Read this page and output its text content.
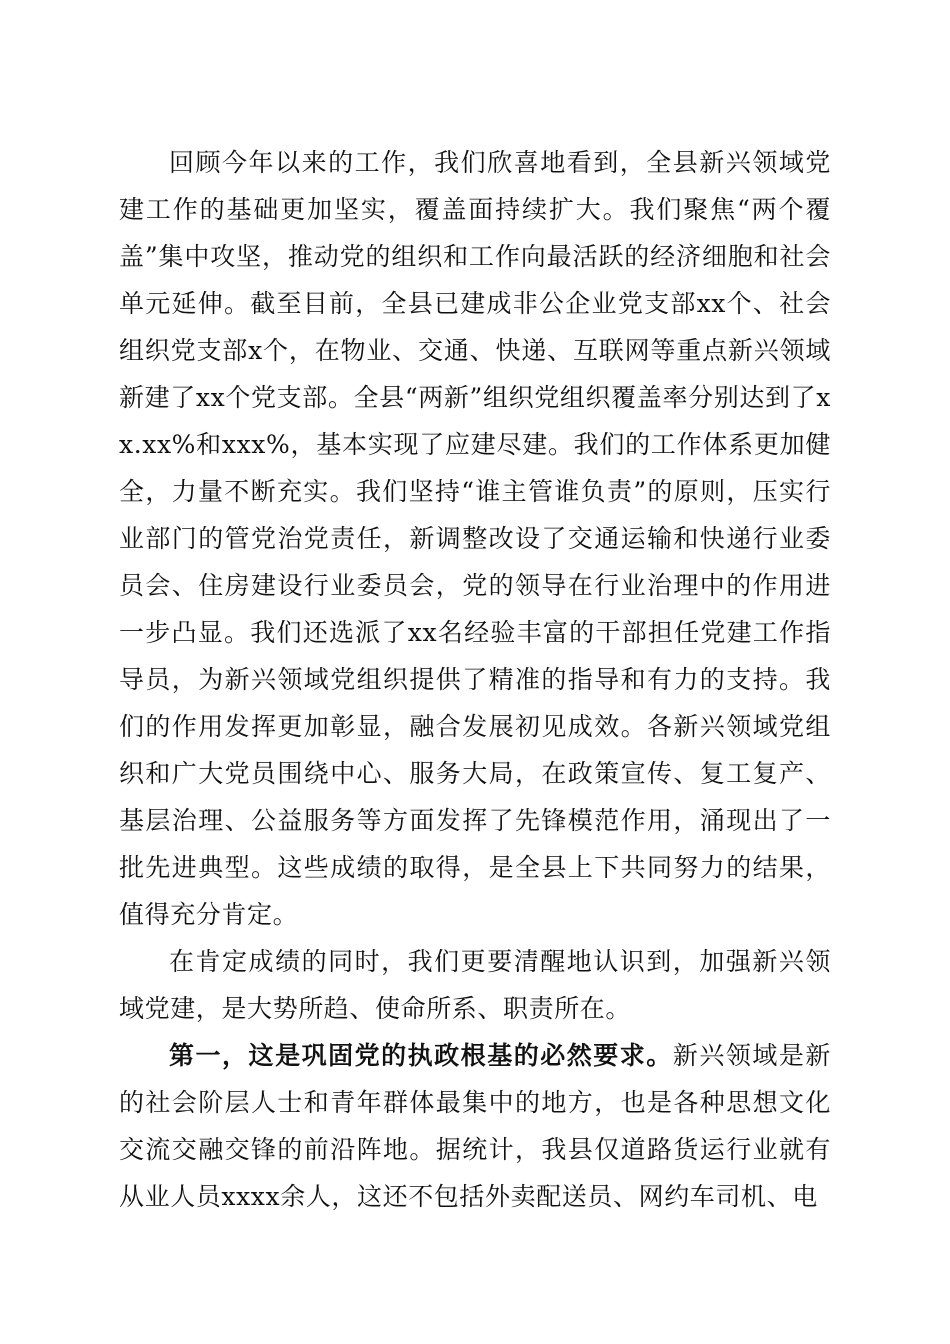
回顾今年以来的工作，我们欣喜地看到，全县新兴领域党建工作的基础更加坚实，覆盖面持续扩大。我们聚焦“两个覆盖”集中攻坚，推动党的组织和工作向最活跃的经济细胞和社会单元延伸。截至目前，全县已建成非公企业党支部xx个、社会组织党支部x个，在物业、交通、快递、互联网等重点新兴领域新建了xx个党支部。全县“两新”组织党组织覆盖率分别达到了xx.xx%和xxx%，基本实现了应建尽建。我们的工作体系更加健全，力量不断充实。我们坚持“谁主管谁负责”的原则，压实行业部门的管党治党责任，新调整改设了交通运输和快递行业委员会、住房建设行业委员会，党的领导在行业治理中的作用进一步凸显。我们还选派了xx名经验丰富的干部担任党建工作指导员，为新兴领域党组织提供了精准的指导和有力的支持。我们的作用发挥更加彰显，融合发展初见成效。各新兴领域党组织和广大党员围绕中心、服务大局，在政策宣传、复工复产、基层治理、公益服务等方面发挥了先锋模范作用，涌现出了一批先进典型。这些成绩的取得，是全县上下共同努力的结果，值得充分肯定。

在肯定成绩的同时，我们更要清醒地认识到，加强新兴领域党建，是大势所趋、使命所系、职责所在。

第一，这是巩固党的执政根基的必然要求。新兴领域是新的社会阶层人士和青年群体最集中的地方，也是各种思想文化交流交融交锋的前沿阵地。据统计，我县仅道路货运行业就有从业人员xxxx余人，这还不包括外卖配送员、网约车司机、电
